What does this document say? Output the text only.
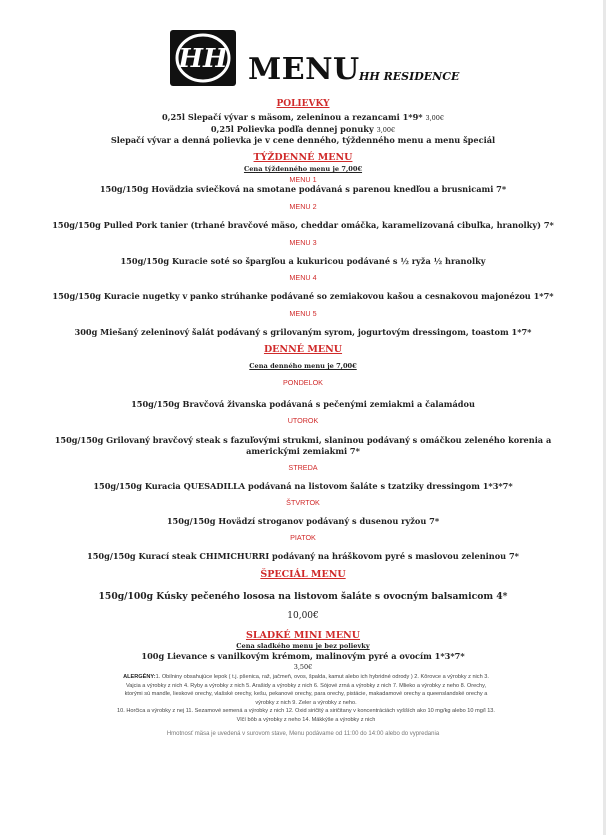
HH MENU HH RESIDENCE
POLIEVKY
0,25l Slepačí vývar s mäsom, zeleninou a rezancami 1*9* 3,00€
0,25l Polievka podľa dennej ponuky 3,00€
Slepačí vývar a denná polievka je v cene denného, týždenného menu a menu špeciál
TÝŽDENNÉ MENU
Cena týždenného menu je 7,00€
MENU 1
150g/150g Hovädzia sviečková na smotane podávaná s parenou knedľou a brusnicami 7*
MENU 2
150g/150g Pulled Pork tanier (trhané bravčové mäso, cheddar omáčka, karamelizovaná cibuľka, hranolky) 7*
MENU 3
150g/150g Kuracie soté so špargľou a kukuricou podávané s ½ ryža ½ hranolky
MENU 4
150g/150g Kuracie nugetky v panko strúhanke podávané so zemiakovou kašou a cesnakovou majonézou 1*7*
MENU 5
300g Miešaný zeleninový šalát podávaný s grilovaným syrom, jogurtovým dressingom, toastom 1*7*
DENNÉ MENU
Cena denného menu je 7,00€
PONDELOK
150g/150g Bravčová živanska podávaná s pečenými zemiakmi a čalamádou
UTOROK
150g/150g Grilovaný bravčový steak s fazuľovými strukmi, slaninou podávaný s omáčkou zeleného korenia a
americkými zemiakmi 7*
STREDA
150g/150g Kuracia QUESADILLA podávaná na listovom šaláte s tzatziky dressingom 1*3*7*
ŠTVRTOK
150g/150g Hovädzí stroganov podávaný s dusenou ryžou 7*
PIATOK
150g/150g Kurací steak CHIMICHURRI podávaný na hráškovom pyré s maslovou zeleninou 7*
ŠPECIÁL MENU
150g/100g Kúsky pečeného lososa na listovom šaláte s ovocným balsamicom 4*
10,00€
SLADKÉ MINI MENU
Cena sladkého menu je bez polievky
100g Lievance s vanilkovým krémom, malinovým pyré a ovocím 1*3*7*
3,50€
ALERGÉNY:1. Obilniny obsahujúce lepok ( t.j. pšenica, raž, jačmeň, ovos, špalda, kamut alebo ich hybridné odrody ) 2. Kôrovce a výrobky z nich 3.
Vajcia a výrobky z nich 4. Ryby a výrobky z nich 5. Arašidy a výrobky z nich 6. Sójové zrná a výrobky z nich 7. Mlieko a výrobky z neho 8. Orechy,
ktorými sú mandle, lieskové orechy, vlašské orechy, kešu, pekanové orechy, para orechy, pistácie, makadamové orechy a queenslandské orechy a
výrobky z nich 9. Zeler a výrobky z neho.
10. Horčica a výrobky z nej 11. Sezamové semená a výrobky z nich 12. Oxid siričitý a siričitany v koncentráciách vyšších ako 10 mg/kg alebo 10 mg/l 13.
Vlčí bôb a výrobky z neho 14. Mäkkýše a výrobky z nich
Hmotnosť mäsa je uvedená v surovom stave, Menu podávame od 11:00 do 14:00 alebo do vypredania
